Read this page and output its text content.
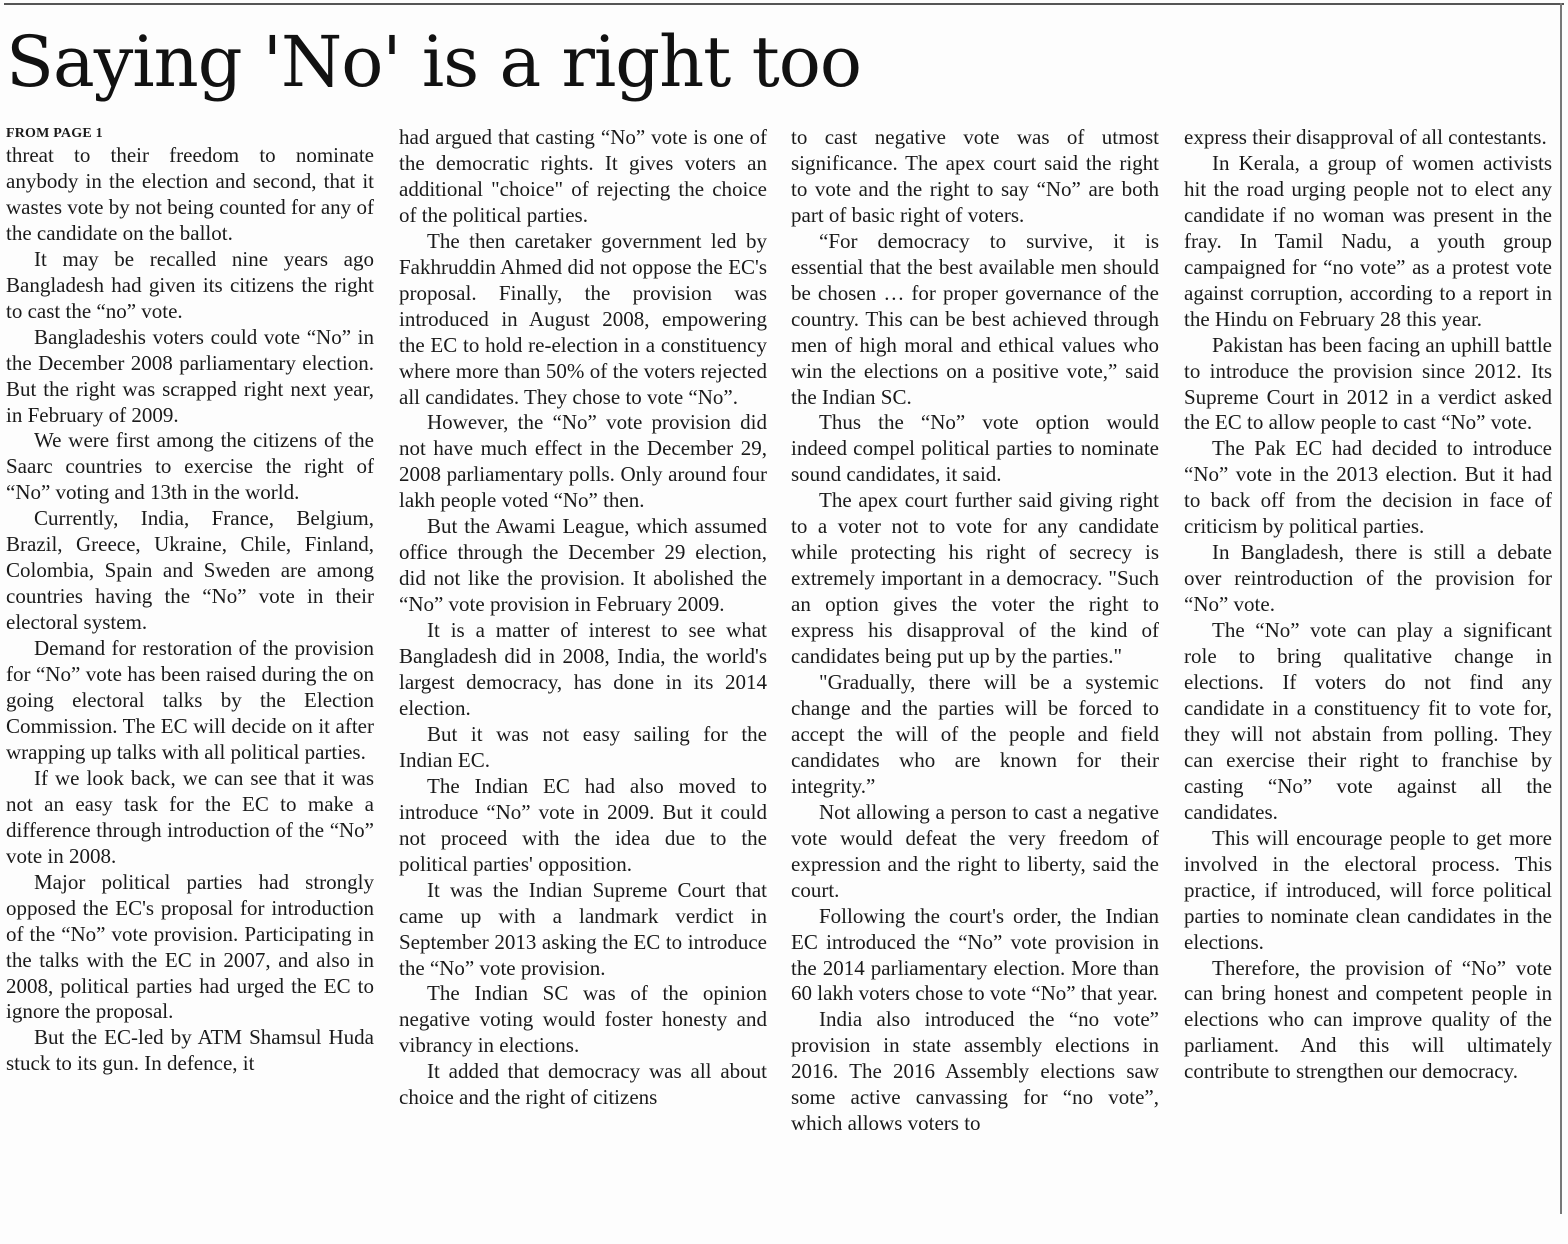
Saying 'No' is a right too
FROM PAGE 1

threat to their freedom to nominate anybody in the election and second, that it wastes vote by not being counted for any of the candidate on the ballot.

It may be recalled nine years ago Bangladesh had given its citizens the right to cast the “no” vote.

Bangladeshis voters could vote “No” in the December 2008 parliamentary election. But the right was scrapped right next year, in February of 2009.

We were first among the citizens of the Saarc countries to exercise the right of “No” voting and 13th in the world.

Currently, India, France, Belgium, Brazil, Greece, Ukraine, Chile, Finland, Colombia, Spain and Sweden are among countries having the “No” vote in their electoral system.

Demand for restoration of the provision for “No” vote has been raised during the on going electoral talks by the Election Commission. The EC will decide on it after wrapping up talks with all political parties.

If we look back, we can see that it was not an easy task for the EC to make a difference through introduction of the “No” vote in 2008.

Major political parties had strongly opposed the EC's proposal for introduction of the “No” vote provision. Participating in the talks with the EC in 2007, and also in 2008, political parties had urged the EC to ignore the proposal.

But the EC-led by ATM Shamsul Huda stuck to its gun. In defence, it

had argued that casting “No” vote is one of the democratic rights. It gives voters an additional "choice" of rejecting the choice of the political parties.

The then caretaker government led by Fakhruddin Ahmed did not oppose the EC's proposal. Finally, the provision was introduced in August 2008, empowering the EC to hold re-election in a constituency where more than 50% of the voters rejected all candidates. They chose to vote “No”.

However, the “No” vote provision did not have much effect in the December 29, 2008 parliamentary polls. Only around four lakh people voted “No” then.

But the Awami League, which assumed office through the December 29 election, did not like the provision. It abolished the “No” vote provision in February 2009.

It is a matter of interest to see what Bangladesh did in 2008, India, the world's largest democracy, has done in its 2014 election.

But it was not easy sailing for the Indian EC.

The Indian EC had also moved to introduce “No” vote in 2009. But it could not proceed with the idea due to the political parties' opposition.

It was the Indian Supreme Court that came up with a landmark verdict in September 2013 asking the EC to introduce the “No” vote provision.

The Indian SC was of the opinion negative voting would foster honesty and vibrancy in elections.

It added that democracy was all about choice and the right of citizens

to cast negative vote was of utmost significance. The apex court said the right to vote and the right to say “No” are both part of basic right of voters.

“For democracy to survive, it is essential that the best available men should be chosen … for proper governance of the country. This can be best achieved through men of high moral and ethical values who win the elections on a positive vote,” said the Indian SC.

Thus the “No” vote option would indeed compel political parties to nominate sound candidates, it said.

The apex court further said giving right to a voter not to vote for any candidate while protecting his right of secrecy is extremely important in a democracy. "Such an option gives the voter the right to express his disapproval of the kind of candidates being put up by the parties."

"Gradually, there will be a systemic change and the parties will be forced to accept the will of the people and field candidates who are known for their integrity.”

Not allowing a person to cast a negative vote would defeat the very freedom of expression and the right to liberty, said the court.

Following the court's order, the Indian EC introduced the “No” vote provision in the 2014 parliamentary election. More than 60 lakh voters chose to vote “No” that year.

India also introduced the “no vote” provision in state assembly elections in 2016. The 2016 Assembly elections saw some active canvassing for “no vote”, which allows voters to

express their disapproval of all contestants.

In Kerala, a group of women activists hit the road urging people not to elect any candidate if no woman was present in the fray. In Tamil Nadu, a youth group campaigned for “no vote” as a protest vote against corruption, according to a report in the Hindu on February 28 this year.

Pakistan has been facing an uphill battle to introduce the provision since 2012. Its Supreme Court in 2012 in a verdict asked the EC to allow people to cast “No” vote.

The Pak EC had decided to introduce “No” vote in the 2013 election. But it had to back off from the decision in face of criticism by political parties.

In Bangladesh, there is still a debate over reintroduction of the provision for “No” vote.

The “No” vote can play a significant role to bring qualitative change in elections. If voters do not find any candidate in a constituency fit to vote for, they will not abstain from polling. They can exercise their right to franchise by casting “No” vote against all the candidates.

This will encourage people to get more involved in the electoral process. This practice, if introduced, will force political parties to nominate clean candidates in the elections.

Therefore, the provision of “No” vote can bring honest and competent people in elections who can improve quality of the parliament. And this will ultimately contribute to strengthen our democracy.
